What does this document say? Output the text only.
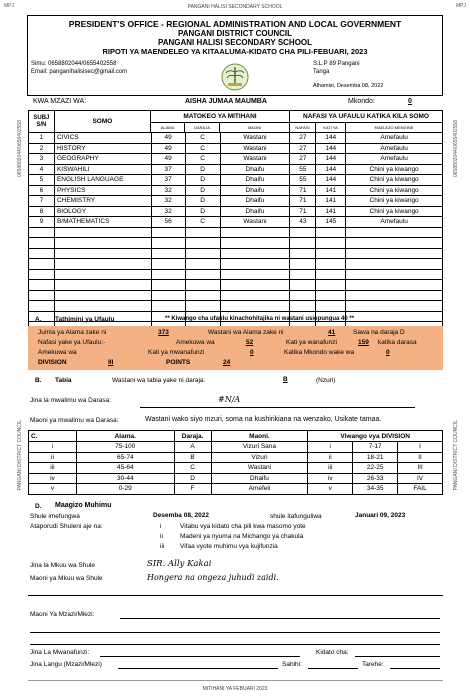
MPJ	MPJ
PANGANI HALISI SECONDARY SCHOOL
0658802044/0655402558
PANGANI DISTRICT COUNCIL
0658802044/0655402558
PANGANI DISTRICT COUNCIL
PRESIDENT'S OFFICE - REGIONAL ADMINISTRATION AND LOCAL GOVERNMENT
PANGANI DISTRICT COUNCIL
PANGANI HALISI SECONDARY SCHOOL
RIPOTI YA MAENDELEO YA KITAALUMA-KIDATO CHA PILI-FEBUARI, 2023
Simu: 0658802044/0655402558
Email: panganihalisisec@gmail.com
S.L.P 89 Pangani
Tanga
Alhamisi, Desemba 08, 2022
KWA MZAZI WA:	AISHA JUMAA MAUMBA	Mkondo:	0
SUBJ S/N	SOMO
MATOKEO YA MITIHANI
ALAMA	DARAJA	MAONI
NAFASI YA UFAULU KATIKA KILA SOMO
NAFASI	KATI YA	MAELEZO MENGINE
1	CIVICS	49	C	Wastani	27	144	Amefaulu
2	HISTORY	49	C	Wastani	27	144	Amefaulu
3	GEOGRAPHY	49	C	Wastani	27	144	Amefaulu
4	KISWAHILI	37	D	Dhaifu	55	144	Chini ya kiwango
5	ENGLISH LANGUAGE	37	D	Dhaifu	55	144	Chini ya kiwango
6	PHYSICS	32	D	Dhaifu	71	141	Chini ya kiwango
7	CHEMISTRY	32	D	Dhaifu	71	141	Chini ya kiwango
8	BIOLOGY	32	D	Dhaifu	71	141	Chini ya kiwango
9	B/MATHEMATICS	56	C	Wastani	43	145	Amefaulu
A. Tathimini ya Ufaulu	** Kiwango cha ufaulu kinachohitajika ni wastani usiopungua 40 **
Jumla ya Alama zake ni	373	Wastani wa Alama zake ni	41	Sawa na daraja D
Nafasi yake ya Ufaulu:-	Amekuwa wa	52	Kati ya wanafunzi	159 katika darasa
Amekuwa wa	Kati ya mwanafunzi	0	Katika Mkondo wake wa	0
DIVISION	III	POINTS	24
B. Tabia	Wastani wa tabia yake ni daraja:	B	(Nzuri)
Jina la mwalimu wa Darasa:	#N/A
Maoni ya mwalimu wa Darasa:	Wastani wako siyo mzuri, soma na kushirikiana na wenzako, Usikate tamaa.
C.	Alama.	Daraja.	Maoni.	Viwango vya DIVISION
i	75-100	A	Vizuri Sana	i	7-17	I
ii	65-74	B	Vizuri	ii	18-21	II
iii	45-64	C	Wastani	iii	22-25	III
iv	30-44	D	Dhaifu	iv	26-33	IV
v	0-29	F	Amefeli	v	34-35	FAIL
D. Maagizo Muhimu
Shule imefungwa	Desemba 08, 2022	shule itafunguliwa	Januari 09, 2023
Ataporudi Shuleni aje na:	i	Vitabu vya kidato cha pili kwa masomo yote
ii	Madeni ya nyuma na Michango ya chakula
iii	Vifaa vyote muhimu vya kujifunzia
Jina la Mkuu wa Shule	SIR. Ally Kakai
Maoni ya Mkuu wa Shule	Hongera na ongeza juhudi zaidi.
Maoni Ya Mzazi/Mlezi:
Jina La Mwanafunzi:	Kidato cha:
Jina Langu (Mzazi/Mlezi)	Sahihi:	Tarehe:
MITIHANI YA FEBUARI 2023
